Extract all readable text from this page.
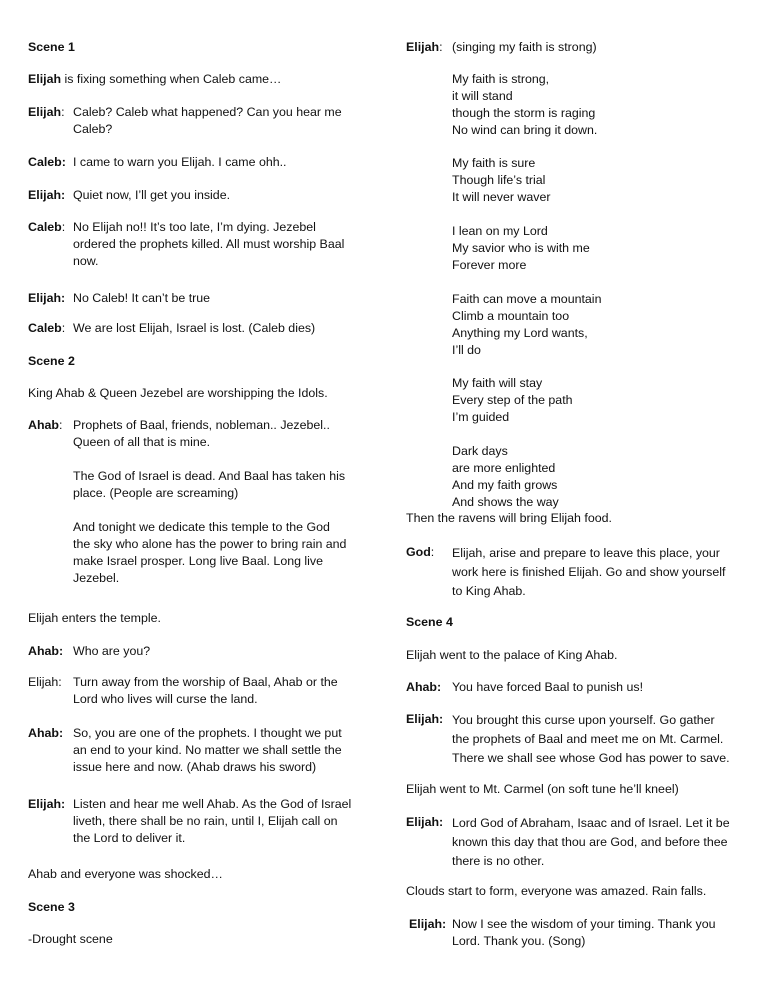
Scene 1
Elijah is fixing something when Caleb came…
Elijah: Caleb? Caleb what happened? Can you hear me
Caleb?
Caleb: I came to warn you Elijah. I came ohh..
Elijah: Quiet now, I’ll get you inside.
Caleb: No Elijah no!! It’s too late, I’m dying. Jezebel
ordered the prophets killed. All must worship Baal
now.
Elijah: No Caleb! It can’t be true
Caleb: We are lost Elijah, Israel is lost. (Caleb dies)
Scene 2
King Ahab & Queen Jezebel are worshipping the Idols.
Ahab: Prophets of Baal, friends, nobleman.. Jezebel..
Queen of all that is mine.
The God of Israel is dead. And Baal has taken his
place. (People are screaming)
And tonight we dedicate this temple to the God
the sky who alone has the power to bring rain and
make Israel prosper. Long live Baal. Long live
Jezebel.
Elijah enters the temple.
Ahab: Who are you?
Elijah: Turn away from the worship of Baal, Ahab or the
Lord who lives will curse the land.
Ahab: So, you are one of the prophets. I thought we put
an end to your kind. No matter we shall settle the
issue here and now. (Ahab draws his sword)
Elijah: Listen and hear me well Ahab. As the God of Israel
liveth, there shall be no rain, until I, Elijah call on
the Lord to deliver it.
Ahab and everyone was shocked…
Scene 3
-Drought scene
Elijah: (singing my faith is strong)
My faith is strong,
it will stand
though the storm is raging
No wind can bring it down.
My faith is sure
Though life’s trial
It will never waver
I lean on my Lord
My savior who is with me
Forever more
Faith can move a mountain
Climb a mountain too
Anything my Lord wants,
I’ll do
My faith will stay
Every step of the path
I’m guided
Dark days
are more enlighted
And my faith grows
And shows the way
Then the ravens will bring Elijah food.
God: Elijah, arise and prepare to leave this place, your
work here is finished Elijah. Go and show yourself
to King Ahab.
Scene 4
Elijah went to the palace of King Ahab.
Ahab: You have forced Baal to punish us!
Elijah: You brought this curse upon yourself. Go gather
the prophets of Baal and meet me on Mt. Carmel.
There we shall see whose God has power to save.
Elijah went to Mt. Carmel (on soft tune he’ll kneel)
Elijah: Lord God of Abraham, Isaac and of Israel. Let it be
known this day that thou are God, and before thee
there is no other.
Clouds start to form, everyone was amazed. Rain falls.
Elijah: Now I see the wisdom of your timing. Thank you
Lord. Thank you. (Song)
